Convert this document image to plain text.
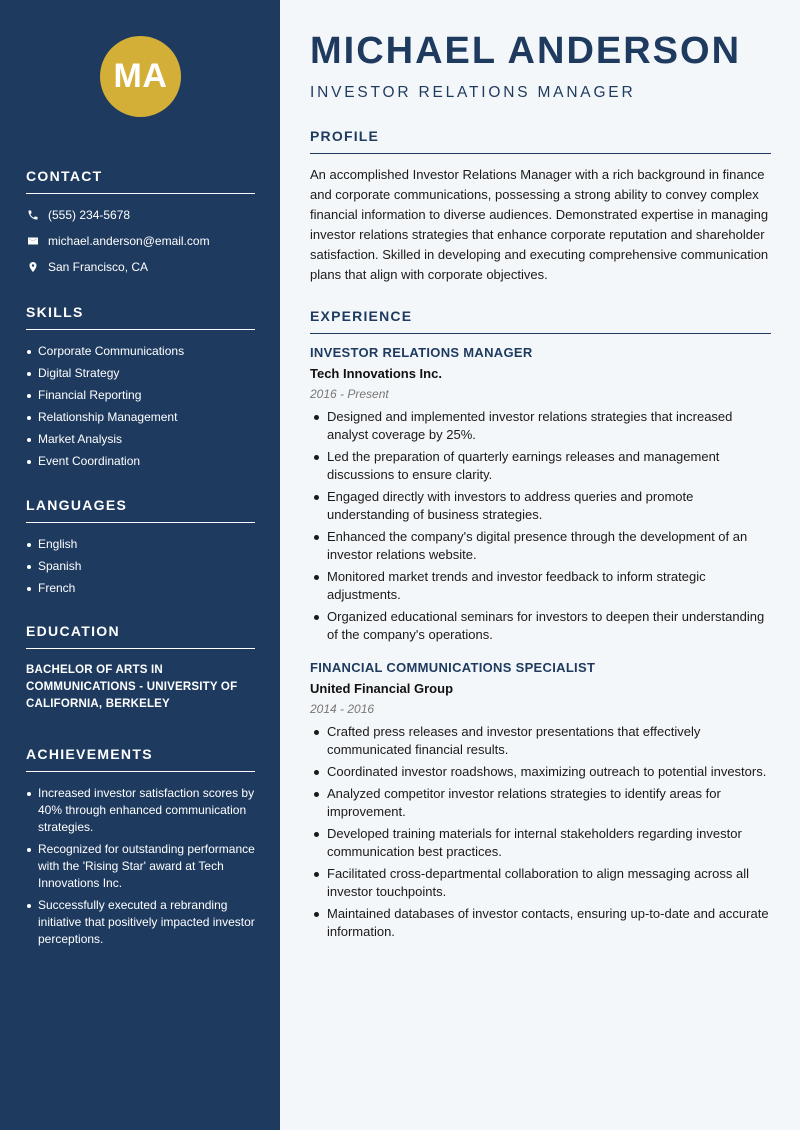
MA
CONTACT
(555) 234-5678
michael.anderson@email.com
San Francisco, CA
SKILLS
Corporate Communications
Digital Strategy
Financial Reporting
Relationship Management
Market Analysis
Event Coordination
LANGUAGES
English
Spanish
French
EDUCATION
BACHELOR OF ARTS IN COMMUNICATIONS - UNIVERSITY OF CALIFORNIA, BERKELEY
ACHIEVEMENTS
Increased investor satisfaction scores by 40% through enhanced communication strategies.
Recognized for outstanding performance with the 'Rising Star' award at Tech Innovations Inc.
Successfully executed a rebranding initiative that positively impacted investor perceptions.
MICHAEL ANDERSON
INVESTOR RELATIONS MANAGER
PROFILE

An accomplished Investor Relations Manager with a rich background in finance and corporate communications, possessing a strong ability to convey complex financial information to diverse audiences. Demonstrated expertise in managing investor relations strategies that enhance corporate reputation and shareholder satisfaction. Skilled in developing and executing comprehensive communication plans that align with corporate objectives.

EXPERIENCE
INVESTOR RELATIONS MANAGER
Tech Innovations Inc.
2016 - Present
Designed and implemented investor relations strategies that increased analyst coverage by 25%.
Led the preparation of quarterly earnings releases and management discussions to ensure clarity.
Engaged directly with investors to address queries and promote understanding of business strategies.
Enhanced the company's digital presence through the development of an investor relations website.
Monitored market trends and investor feedback to inform strategic adjustments.
Organized educational seminars for investors to deepen their understanding of the company's operations.
FINANCIAL COMMUNICATIONS SPECIALIST
United Financial Group
2014 - 2016
Crafted press releases and investor presentations that effectively communicated financial results.
Coordinated investor roadshows, maximizing outreach to potential investors.
Analyzed competitor investor relations strategies to identify areas for improvement.
Developed training materials for internal stakeholders regarding investor communication best practices.
Facilitated cross-departmental collaboration to align messaging across all investor touchpoints.
Maintained databases of investor contacts, ensuring up-to-date and accurate information.
